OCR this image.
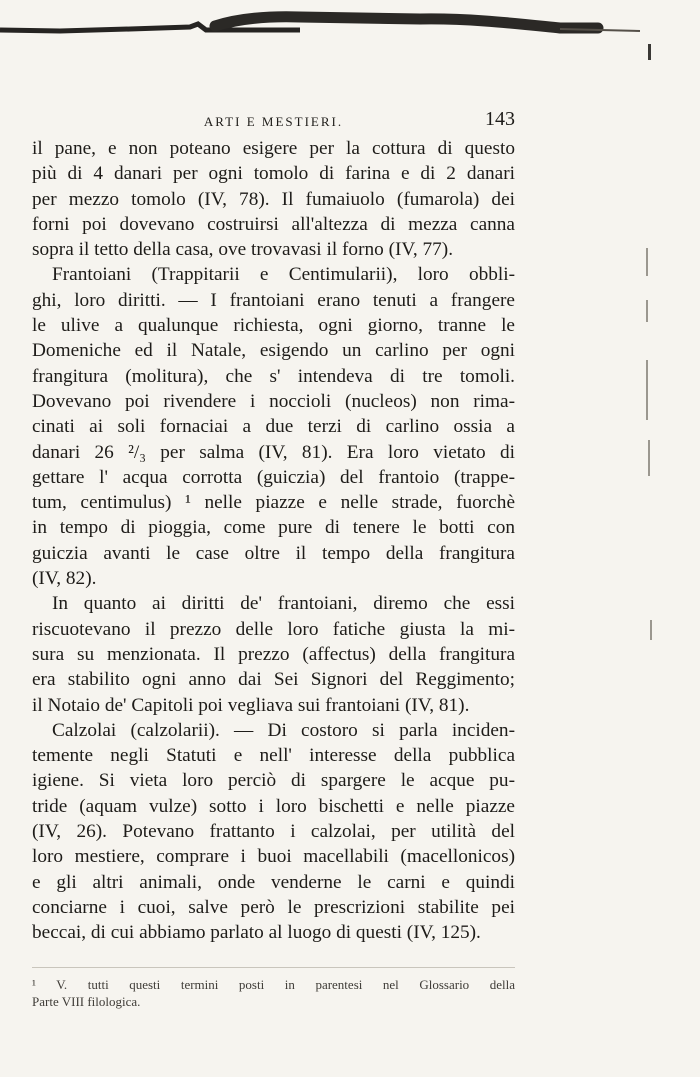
ARTI E MESTIERI.	143
il pane, e non poteano esigere per la cottura di questo
più di 4 danari per ogni tomolo di farina e di 2 danari
per mezzo tomolo (IV, 78). Il fumaiuolo (fumarola) dei
forni poi dovevano costruirsi all'altezza di mezza canna
sopra il tetto della casa, ove trovavasi il forno (IV, 77).
Frantoiani (Trappitarii e Centimularii), loro obbli-
ghi, loro diritti. — I frantoiani erano tenuti a frangere
le ulive a qualunque richiesta, ogni giorno, tranne le
Domeniche ed il Natale, esigendo un carlino per ogni
frangitura (molitura), che s' intendeva di tre tomoli.
Dovevano poi rivendere i noccioli (nucleos) non rima-
cinati ai soli fornaciai a due terzi di carlino ossia a
danari 26 ²/₃ per salma (IV, 81). Era loro vietato di
gettare l' acqua corrotta (guiczia) del frantoio (trappe-
tum, centimulus) ¹ nelle piazze e nelle strade, fuorchè
in tempo di pioggia, come pure di tenere le botti con
guiczia avanti le case oltre il tempo della frangitura
(IV, 82).
In quanto ai diritti de' frantoiani, diremo che essi
riscuotevano il prezzo delle loro fatiche giusta la mi-
sura su menzionata. Il prezzo (affectus) della frangitura
era stabilito ogni anno dai Sei Signori del Reggimento;
il Notaio de' Capitoli poi vegliava sui frantoiani (IV, 81).
Calzolai (calzolarii). — Di costoro si parla inciden-
temente negli Statuti e nell' interesse della pubblica
igiene. Si vieta loro perciò di spargere le acque pu-
tride (aquam vulze) sotto i loro bischetti e nelle piazze
(IV, 26). Potevano frattanto i calzolai, per utilità del
loro mestiere, comprare i buoi macellabili (macellonicos)
e gli altri animali, onde venderne le carni e quindi
conciarne i cuoi, salve però le prescrizioni stabilite pei
beccai, di cui abbiamo parlato al luogo di questi (IV, 125).
¹ V. tutti questi termini posti in parentesi nel Glossario della
Parte VIII filologica.
